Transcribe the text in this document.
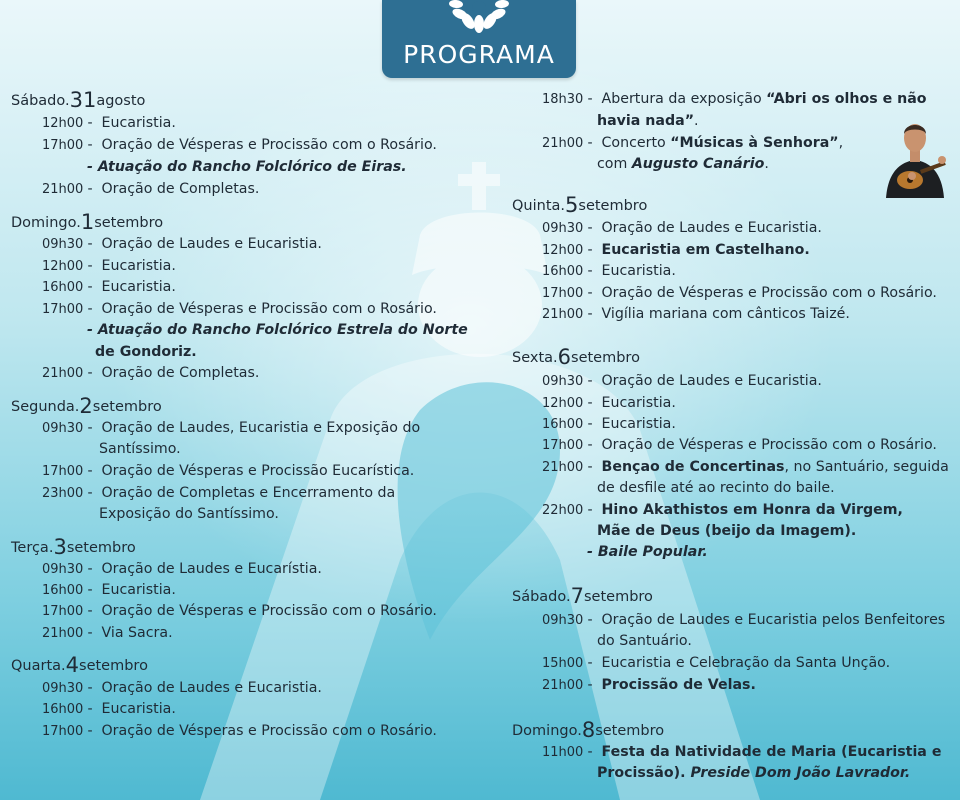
PROGRAMA
Sábado.31agosto
12h00 - Eucaristia.
17h00 - Oração de Vésperas e Procissão com o Rosário.
- Atuação do Rancho Folclórico de Eiras.
21h00 - Oração de Completas.
Domingo.1setembro
09h30 - Oração de Laudes e Eucaristia.
12h00 - Eucaristia.
16h00 - Eucaristia.
17h00 - Oração de Vésperas e Procissão com o Rosário.
- Atuação do Rancho Folclórico Estrela do Norte
de Gondoriz.
21h00 - Oração de Completas.
Segunda.2setembro
09h30 - Oração de Laudes, Eucaristia e Exposição do
Santíssimo.
17h00 - Oração de Vésperas e Procissão Eucarística.
23h00 - Oração de Completas e Encerramento da
Exposição do Santíssimo.
Terça.3setembro
09h30 - Oração de Laudes e Eucarístia.
16h00 - Eucaristia.
17h00 - Oração de Vésperas e Procissão com o Rosário.
21h00 - Via Sacra.
Quarta.4setembro
09h30 - Oração de Laudes e Eucaristia.
16h00 - Eucaristia.
17h00 - Oração de Vésperas e Procissão com o Rosário.
18h30 - Abertura da exposição “Abri os olhos e não
havia nada”.
21h00 - Concerto “Músicas à Senhora”,
com Augusto Canário.
Quinta.5setembro
09h30 - Oração de Laudes e Eucaristia.
12h00 - Eucaristia em Castelhano.
16h00 - Eucaristia.
17h00 - Oração de Vésperas e Procissão com o Rosário.
21h00 - Vigília mariana com cânticos Taizé.
Sexta.6setembro
09h30 - Oração de Laudes e Eucaristia.
12h00 - Eucaristia.
16h00 - Eucaristia.
17h00 - Oração de Vésperas e Procissão com o Rosário.
21h00 - Bençao de Concertinas, no Santuário, seguida
de desfile até ao recinto do baile.
22h00 - Hino Akathistos em Honra da Virgem,
Mãe de Deus (beijo da Imagem).
- Baile Popular.
Sábado.7setembro
09h30 - Oração de Laudes e Eucaristia pelos Benfeitores
do Santuário.
15h00 - Eucaristia e Celebração da Santa Unção.
21h00 - Procissão de Velas.
Domingo.8setembro
11h00 - Festa da Natividade de Maria (Eucaristia e
Procissão). Preside Dom João Lavrador.
